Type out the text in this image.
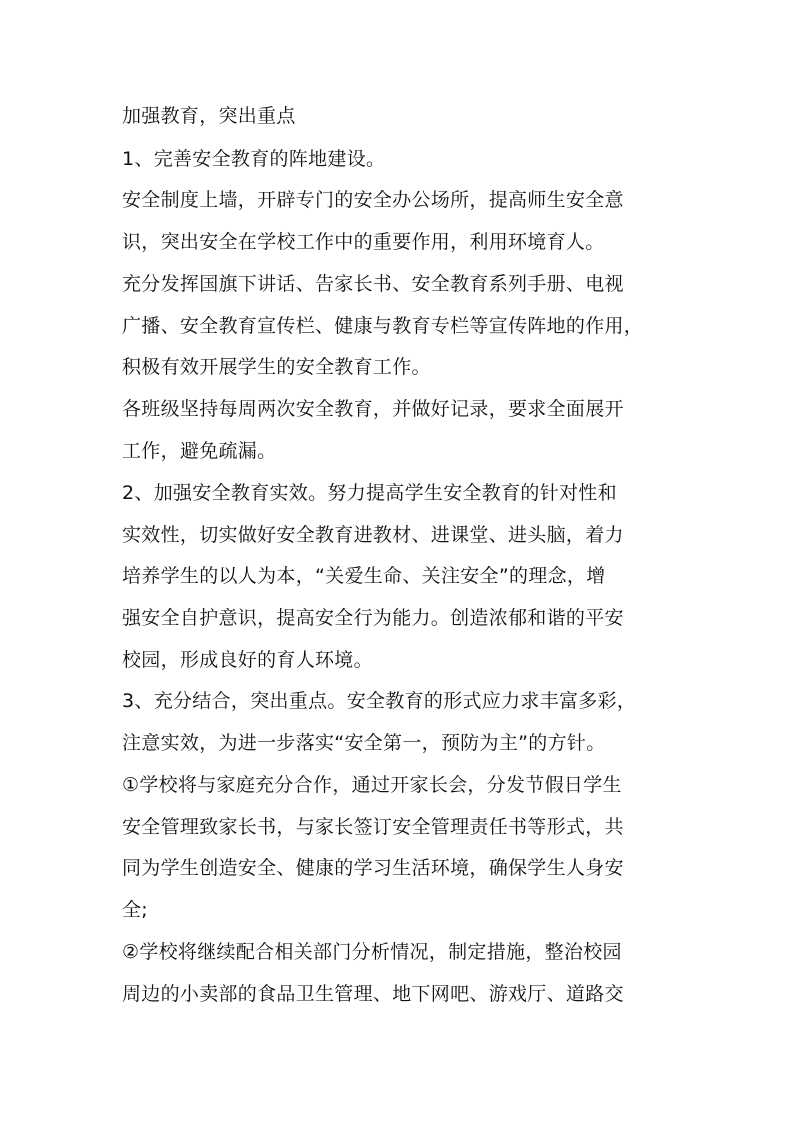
加强教育，突出重点

1、完善安全教育的阵地建设。

安全制度上墙，开辟专门的安全办公场所，提高师生安全意

识，突出安全在学校工作中的重要作用，利用环境育人。

充分发挥国旗下讲话、告家长书、安全教育系列手册、电视

广播、安全教育宣传栏、健康与教育专栏等宣传阵地的作用，

积极有效开展学生的安全教育工作。

各班级坚持每周两次安全教育，并做好记录，要求全面展开

工作，避免疏漏。

2、加强安全教育实效。努力提高学生安全教育的针对性和

实效性，切实做好安全教育进教材、进课堂、进头脑，着力

培养学生的以人为本，“关爱生命、关注安全”的理念，增

强安全自护意识，提高安全行为能力。创造浓郁和谐的平安

校园，形成良好的育人环境。

3、充分结合，突出重点。安全教育的形式应力求丰富多彩，

注意实效，为进一步落实“安全第一，预防为主”的方针。

①学校将与家庭充分合作，通过开家长会，分发节假日学生

安全管理致家长书，与家长签订安全管理责任书等形式，共

同为学生创造安全、健康的学习生活环境，确保学生人身安

全;

②学校将继续配合相关部门分析情况，制定措施，整治校园

周边的小卖部的食品卫生管理、地下网吧、游戏厅、道路交
